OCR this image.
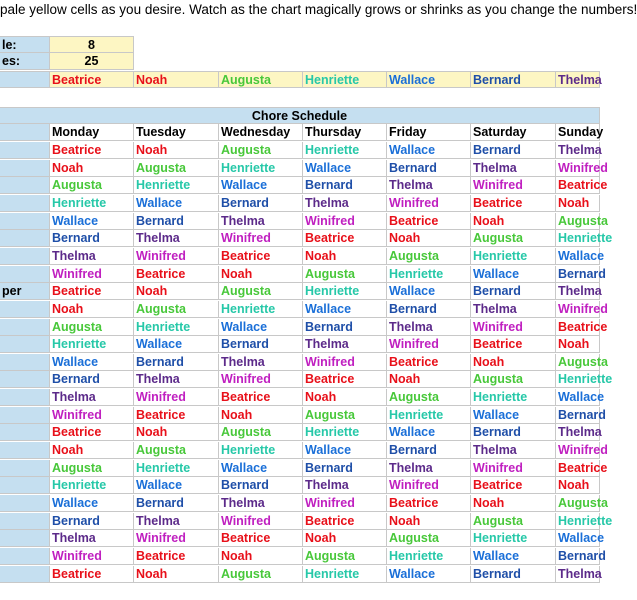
pale yellow cells as you desire. Watch as the chart magically grows or shrinks as you change the numbers!
le:	8
es:	25
Beatrice	Noah	Augusta	Henriette	Wallace	Bernard	Thelma
Chore Schedule
Monday	Tuesday	Wednesday	Thursday	Friday	Saturday	Sunday
Beatrice	Noah	Augusta	Henriette	Wallace	Bernard	Thelma
Noah	Augusta	Henriette	Wallace	Bernard	Thelma	Winifred
Augusta	Henriette	Wallace	Bernard	Thelma	Winifred	Beatrice
Henriette	Wallace	Bernard	Thelma	Winifred	Beatrice	Noah
Wallace	Bernard	Thelma	Winifred	Beatrice	Noah	Augusta
Bernard	Thelma	Winifred	Beatrice	Noah	Augusta	Henriette
Thelma	Winifred	Beatrice	Noah	Augusta	Henriette	Wallace
Winifred	Beatrice	Noah	Augusta	Henriette	Wallace	Bernard
per	Beatrice	Noah	Augusta	Henriette	Wallace	Bernard	Thelma
Noah	Augusta	Henriette	Wallace	Bernard	Thelma	Winifred
Augusta	Henriette	Wallace	Bernard	Thelma	Winifred	Beatrice
Henriette	Wallace	Bernard	Thelma	Winifred	Beatrice	Noah
Wallace	Bernard	Thelma	Winifred	Beatrice	Noah	Augusta
Bernard	Thelma	Winifred	Beatrice	Noah	Augusta	Henriette
Thelma	Winifred	Beatrice	Noah	Augusta	Henriette	Wallace
Winifred	Beatrice	Noah	Augusta	Henriette	Wallace	Bernard
Beatrice	Noah	Augusta	Henriette	Wallace	Bernard	Thelma
Noah	Augusta	Henriette	Wallace	Bernard	Thelma	Winifred
Augusta	Henriette	Wallace	Bernard	Thelma	Winifred	Beatrice
Henriette	Wallace	Bernard	Thelma	Winifred	Beatrice	Noah
Wallace	Bernard	Thelma	Winifred	Beatrice	Noah	Augusta
Bernard	Thelma	Winifred	Beatrice	Noah	Augusta	Henriette
Thelma	Winifred	Beatrice	Noah	Augusta	Henriette	Wallace
Winifred	Beatrice	Noah	Augusta	Henriette	Wallace	Bernard
Beatrice	Noah	Augusta	Henriette	Wallace	Bernard	Thelma
